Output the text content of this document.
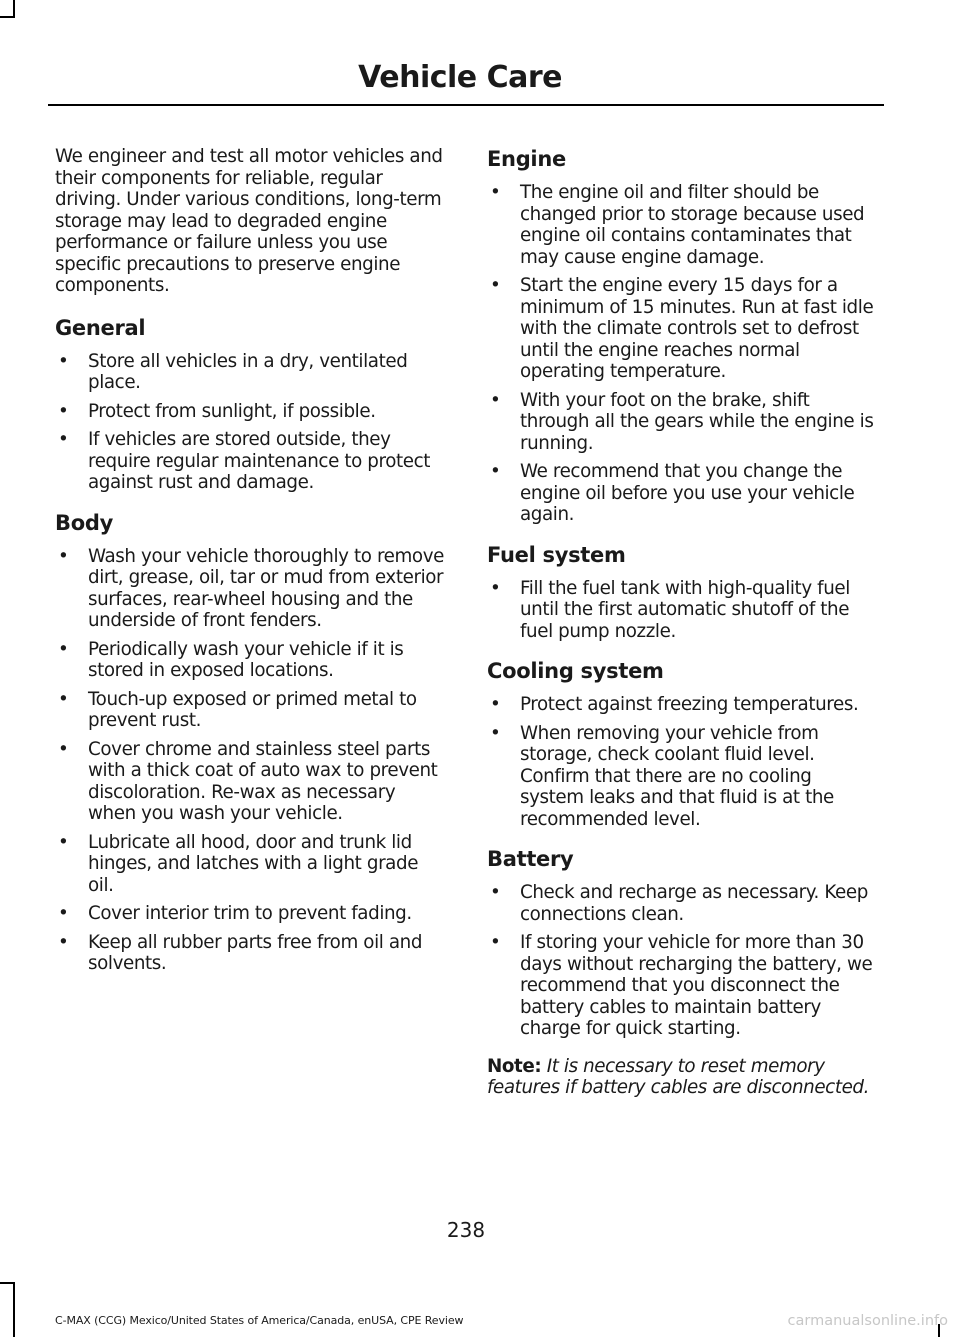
Vehicle Care

We engineer and test all motor vehicles and their components for reliable, regular driving. Under various conditions, long-term storage may lead to degraded engine performance or failure unless you use specific precautions to preserve engine components.

General
• Store all vehicles in a dry, ventilated place.
• Protect from sunlight, if possible.
• If vehicles are stored outside, they require regular maintenance to protect against rust and damage.
Body
• Wash your vehicle thoroughly to remove dirt, grease, oil, tar or mud from exterior surfaces, rear-wheel housing and the underside of front fenders.
• Periodically wash your vehicle if it is stored in exposed locations.
• Touch-up exposed or primed metal to prevent rust.
• Cover chrome and stainless steel parts with a thick coat of auto wax to prevent discoloration. Re-wax as necessary when you wash your vehicle.
• Lubricate all hood, door and trunk lid hinges, and latches with a light grade oil.
• Cover interior trim to prevent fading.
• Keep all rubber parts free from oil and solvents.
Engine
• The engine oil and filter should be changed prior to storage because used engine oil contains contaminates that may cause engine damage.
• Start the engine every 15 days for a minimum of 15 minutes. Run at fast idle with the climate controls set to defrost until the engine reaches normal operating temperature.
• With your foot on the brake, shift through all the gears while the engine is running.
• We recommend that you change the engine oil before you use your vehicle again.
Fuel system
• Fill the fuel tank with high-quality fuel until the first automatic shutoff of the fuel pump nozzle.
Cooling system
• Protect against freezing temperatures.
• When removing your vehicle from storage, check coolant fluid level. Confirm that there are no cooling system leaks and that fluid is at the recommended level.
Battery
• Check and recharge as necessary. Keep connections clean.
• If storing your vehicle for more than 30 days without recharging the battery, we recommend that you disconnect the battery cables to maintain battery charge for quick starting.

Note: It is necessary to reset memory features if battery cables are disconnected.

238
C-MAX (CCG) Mexico/United States of America/Canada, enUSA, CPE Review	carmanualsonline.info
